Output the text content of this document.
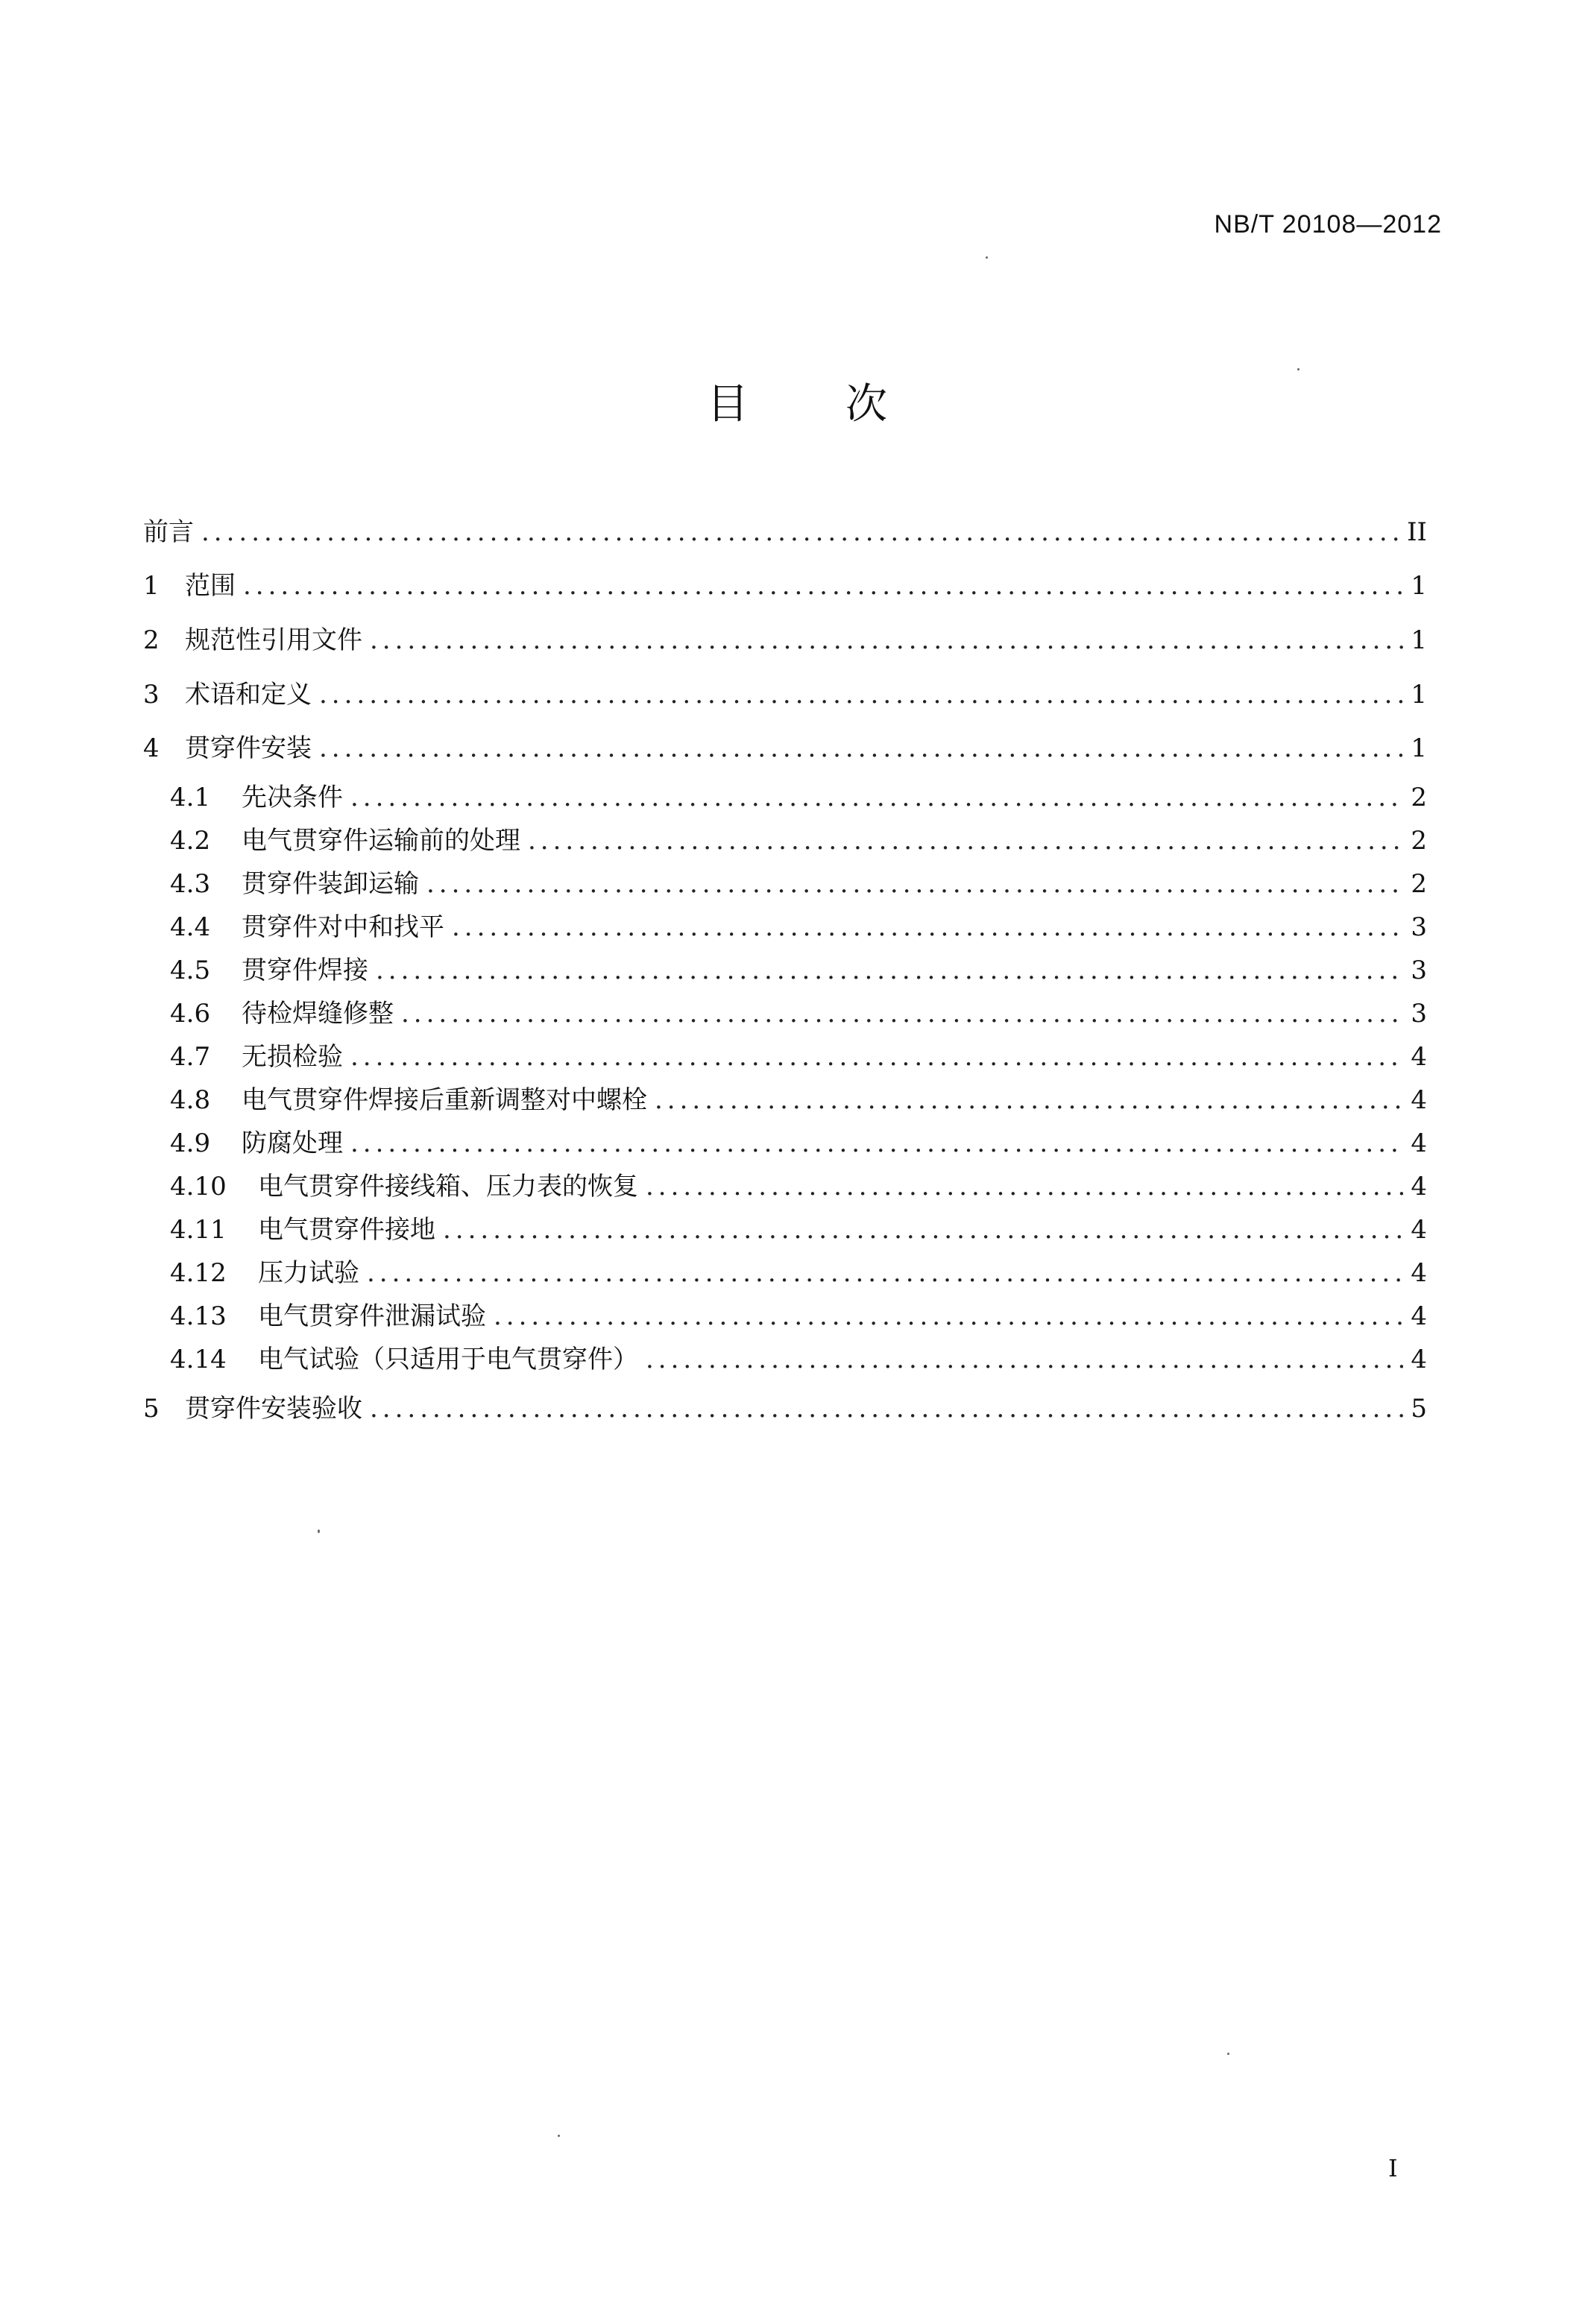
NB/T 20108—2012
目次
前言 .....	II
1	范围 .....	1
2	规范性引用文件 .....	1
3	术语和定义 .....	1
4	贯穿件安装 .....	1
4.1	先决条件 .....	2
4.2	电气贯穿件运输前的处理 .....	2
4.3	贯穿件装卸运输 .....	2
4.4	贯穿件对中和找平 .....	3
4.5	贯穿件焊接 .....	3
4.6	待检焊缝修整 .....	3
4.7	无损检验 .....	4
4.8	电气贯穿件焊接后重新调整对中螺栓 .....	4
4.9	防腐处理 .....	4
4.10	电气贯穿件接线箱、压力表的恢复 .....	4
4.11	电气贯穿件接地 .....	4
4.12	压力试验 .....	4
4.13	电气贯穿件泄漏试验 .....	4
4.14	电气试验（只适用于电气贯穿件） .....	4
5	贯穿件安装验收 .....	5
I
